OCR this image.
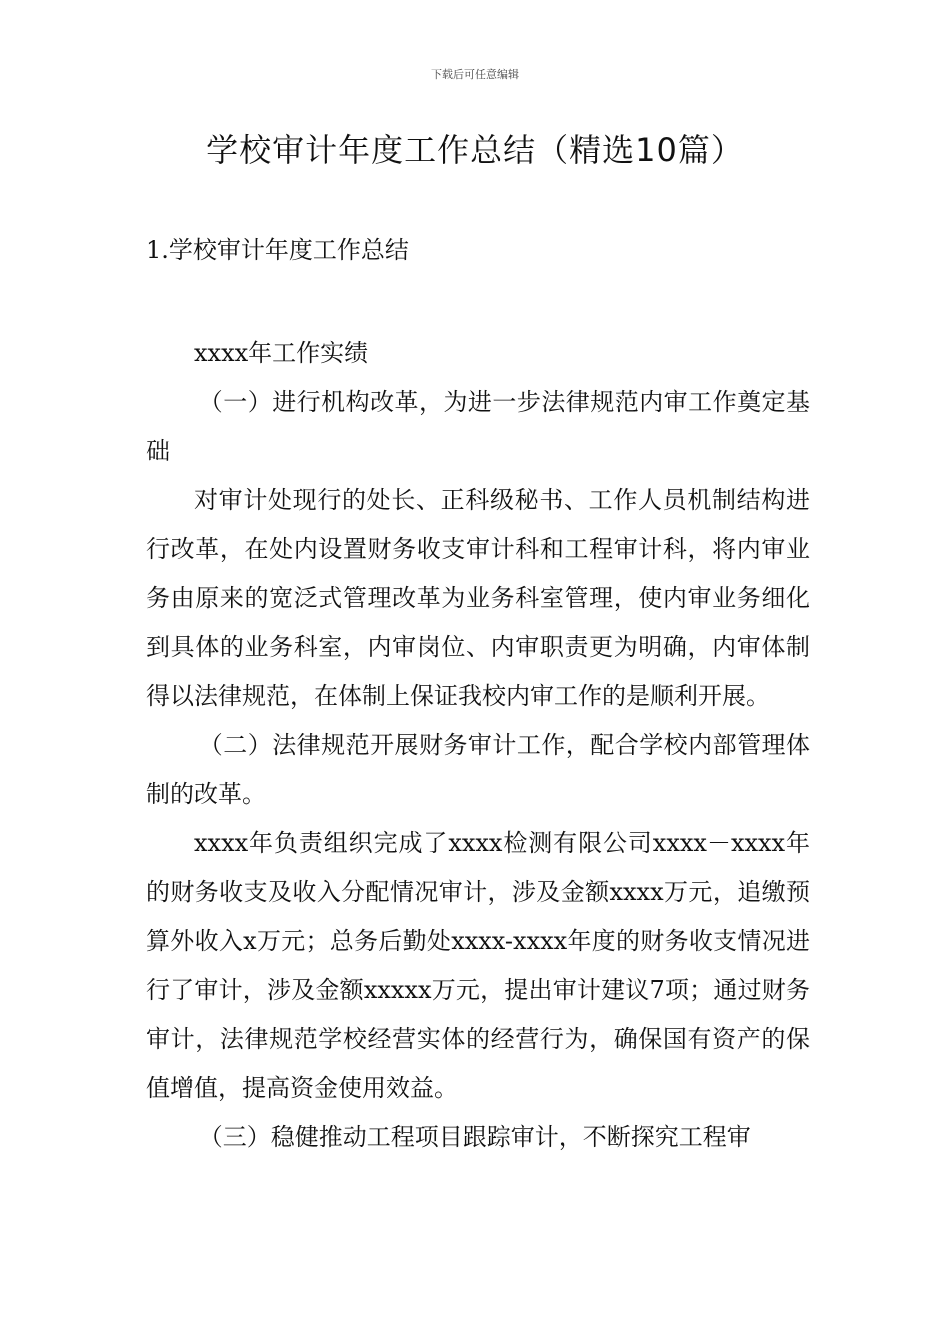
下载后可任意编辑
学校审计年度工作总结（精选10篇）
1.学校审计年度工作总结

xxxx年工作实绩

（一）进行机构改革，为进一步法律规范内审工作奠定基础

对审计处现行的处长、正科级秘书、工作人员机制结构进行改革，在处内设置财务收支审计科和工程审计科，将内审业务由原来的宽泛式管理改革为业务科室管理，使内审业务细化到具体的业务科室，内审岗位、内审职责更为明确，内审体制得以法律规范，在体制上保证我校内审工作的是顺利开展。

（二）法律规范开展财务审计工作，配合学校内部管理体制的改革。

xxxx年负责组织完成了xxxx检测有限公司xxxx－xxxx年的财务收支及收入分配情况审计，涉及金额xxxx万元，追缴预算外收入x万元；总务后勤处xxxx-xxxx年度的财务收支情况进行了审计，涉及金额xxxxx万元，提出审计建议7项；通过财务审计，法律规范学校经营实体的经营行为，确保国有资产的保值增值，提高资金使用效益。

（三）稳健推动工程项目跟踪审计，不断探究工程审
